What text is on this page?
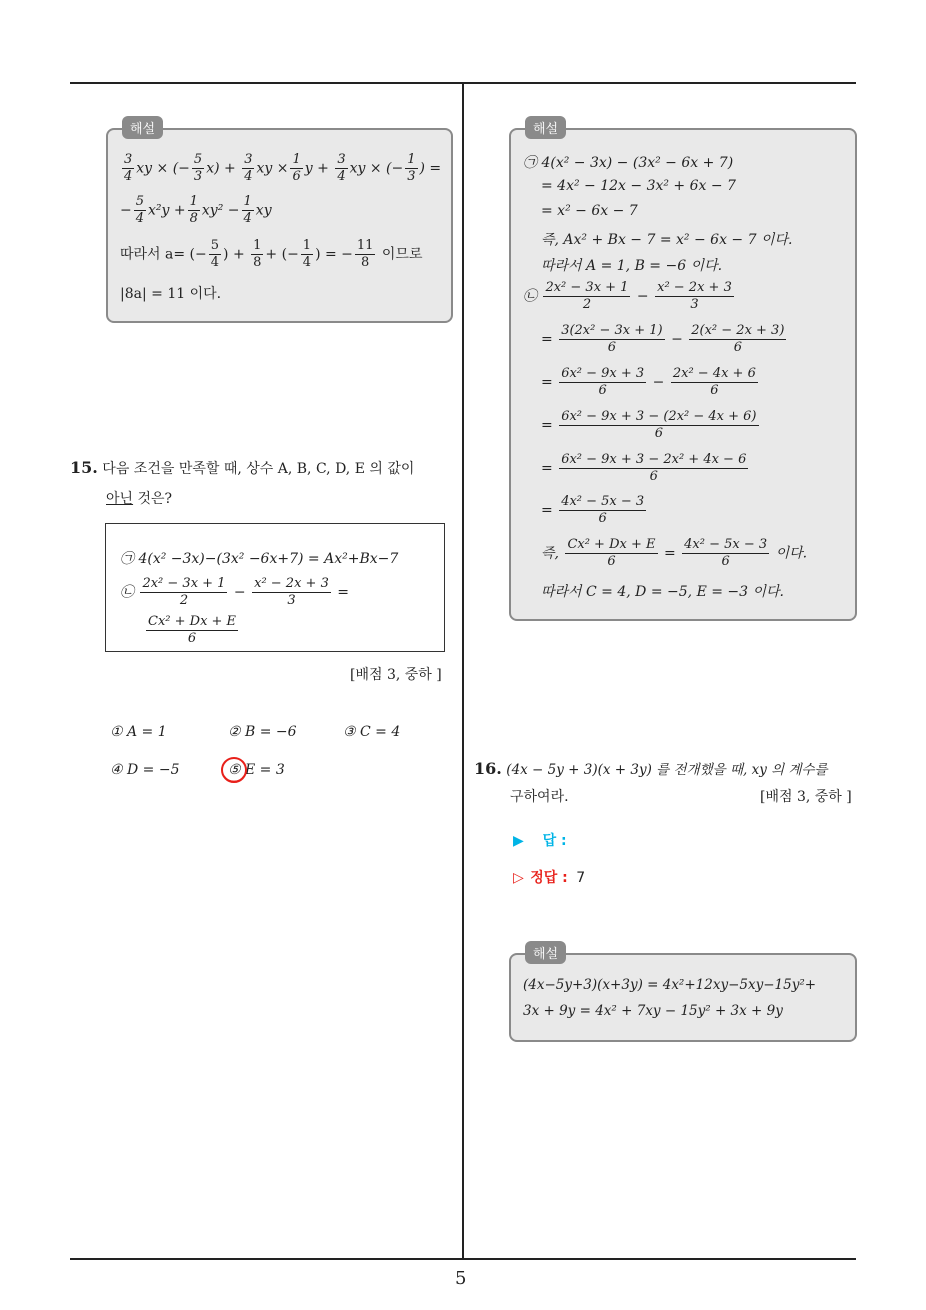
5
해설
$\frac{3}{4}$ xy × (− $\frac{5}{3} x) + \frac{3}{4}$ xy × $\frac{1}{6}$ $y + \frac{3}{4}$ xy × (− $\frac{1}{3}$ ) =
− $\frac{5}{4} x^2y + \frac{1}{8} xy^2 - \frac{1}{4}$ xy
따라서 a= (− $\frac{5}{4}$ ) + $\frac{1}{8}$ + (− $\frac{1}{4}$ ) = − $\frac{11}{8}$ 이므로
|8a| = 11 이다.
15. 다음 조건을 만족할 때, 상수 A, B, C, D, E 의 값이
아닌 것은?
㉠ 4(x² −3x)−(3x² −6x+7) = Ax²+Bx−7
㉡ $\frac{\text{2x² − 3x + 1}}{2} - \frac{\text{x² − 2x + 3}}{3}$ =
$\frac{\text{Cx² + Dx + E}}{6}$
[배점 3, 중하 ]
① A = 1	② B = −6	③ C = 4
④ D = −5	⑤ E = 3
해설
㉠ 4(x² − 3x) − (3x² − 6x + 7)
= 4x² − 12x − 3x² + 6x − 7
= x² − 6x − 7
즉, Ax² + Bx − 7 = x² − 6x − 7 이다.
따라서 A = 1, B = −6 이다.
㉡ $\frac{\text{2x² − 3x + 1}}{2} - \frac{\text{x² − 2x + 3}}{3}$
= $\frac{\text{3(2x² − 3x + 1)}}{6} - \frac{\text{2(x² − 2x + 3)}}{6}$
= $\frac{\text{6x² − 9x + 3}}{6} - \frac{\text{2x² − 4x + 6}}{6}$
= $\frac{\text{6x² − 9x + 3 − (2x² − 4x + 6)}}{6}$
= $\frac{\text{6x² − 9x + 3 − 2x² + 4x − 6}}{6}$
= $\frac{\text{4x² − 5x − 3}}{6}$
즉, $\frac{\text{Cx² + Dx + E}}{6} = \frac{\text{4x² − 5x − 3}}{6}$ 이다.
따라서 C = 4, D = −5, E = −3 이다.
16. (4x − 5y + 3)(x + 3y) 를 전개했을 때, xy 의 계수를
구하여라.	[배점 3, 중하 ]
▶ 답 :
▷ 정답 : 7
해설
(4x−5y+3)(x+3y) = 4x²+12xy−5xy−15y²+
3x + 9y = 4x² + 7xy − 15y² + 3x + 9y
